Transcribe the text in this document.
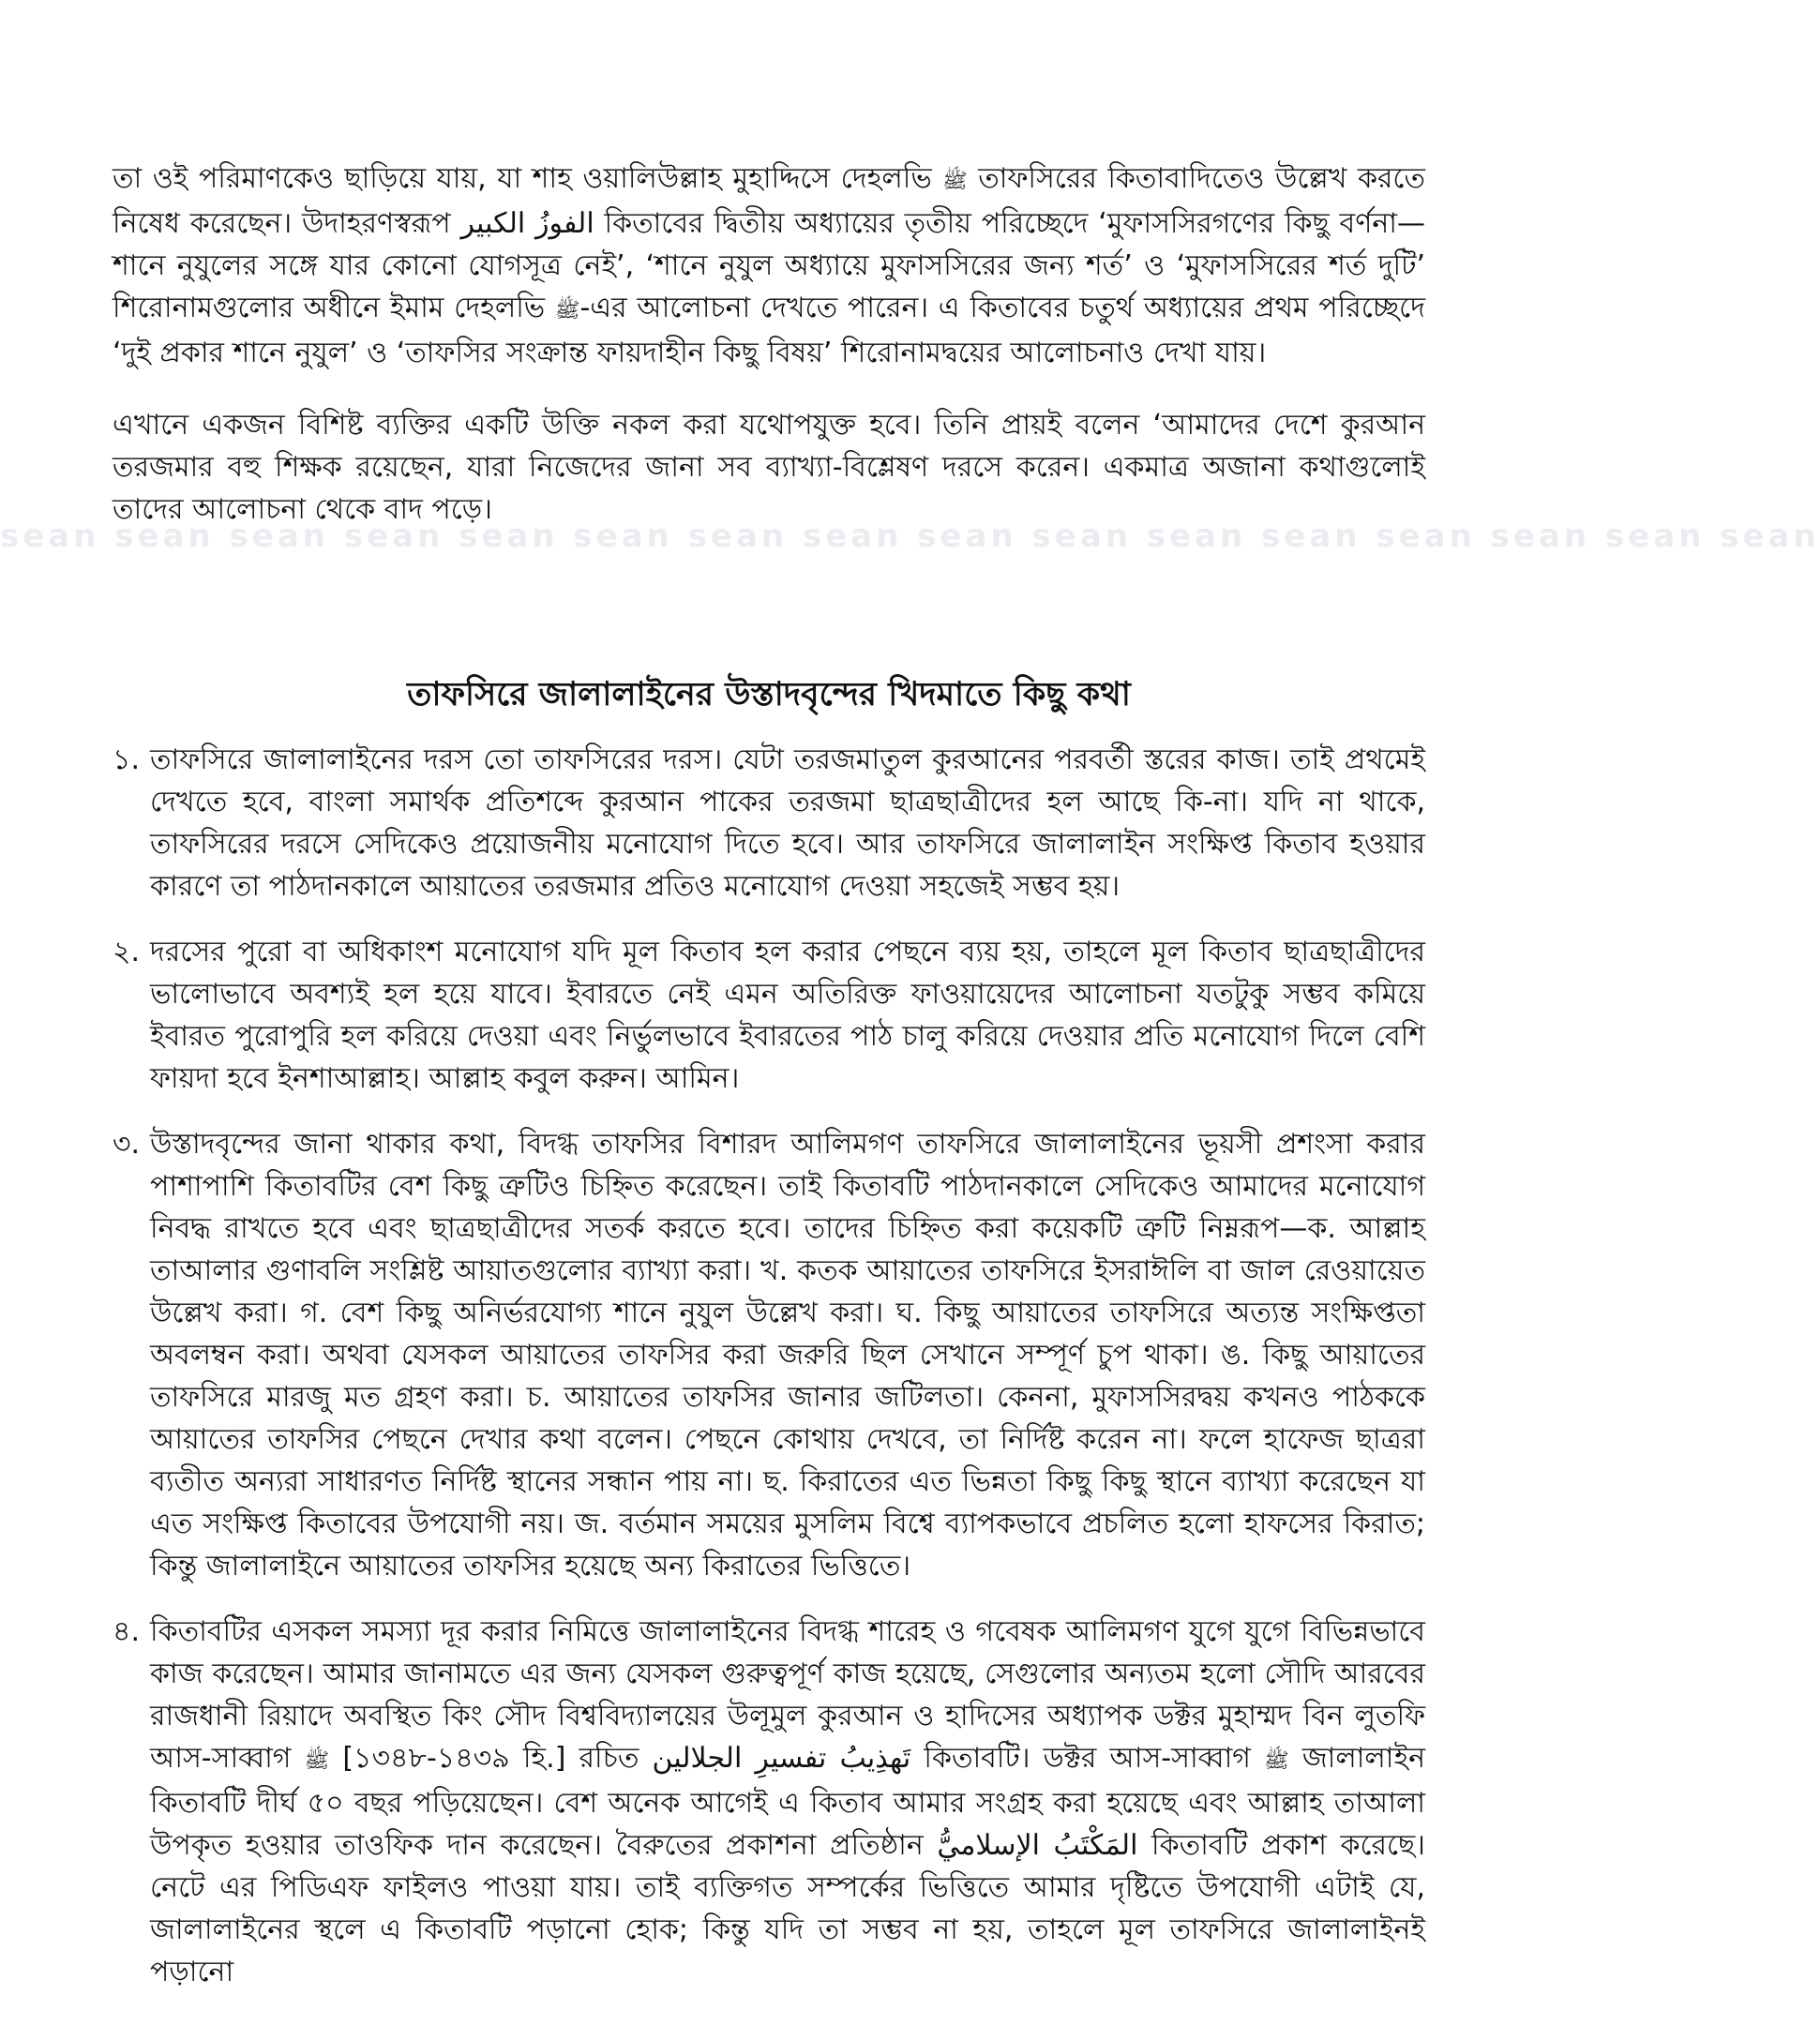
sean sean sean sean sean sean sean sean sean sean sean sean sean sean sean sean

তা ওই পরিমাণকেও ছাড়িয়ে যায়, যা শাহ ওয়ালিউল্লাহ মুহাদ্দিসে দেহলভি ﷺ তাফসিরের কিতাবাদিতেও উল্লেখ করতে নিষেধ করেছেন। উদাহরণস্বরূপ الفوزُ الكبير কিতাবের দ্বিতীয় অধ্যায়ের তৃতীয় পরিচ্ছেদে ‘মুফাসসিরগণের কিছু বর্ণনা—শানে নুযুলের সঙ্গে যার কোনো যোগসূত্র নেই’, ‘শানে নুযুল অধ্যায়ে মুফাসসিরের জন্য শর্ত’ ও ‘মুফাসসিরের শর্ত দুটি’ শিরোনামগুলোর অধীনে ইমাম দেহলভি ﷺ-এর আলোচনা দেখতে পারেন। এ কিতাবের চতুর্থ অধ্যায়ের প্রথম পরিচ্ছেদে ‘দুই প্রকার শানে নুযুল’ ও ‘তাফসির সংক্রান্ত ফায়দাহীন কিছু বিষয়’ শিরোনামদ্বয়ের আলোচনাও দেখা যায়।

এখানে একজন বিশিষ্ট ব্যক্তির একটি উক্তি নকল করা যথোপযুক্ত হবে। তিনি প্রায়ই বলেন ‘আমাদের দেশে কুরআন তরজমার বহু শিক্ষক রয়েছেন, যারা নিজেদের জানা সব ব্যাখ্যা-বিশ্লেষণ দরসে করেন। একমাত্র অজানা কথাগুলোই তাদের আলোচনা থেকে বাদ পড়ে।

তাফসিরে জালালাইনের উস্তাদবৃন্দের খিদমাতে কিছু কথা
১. তাফসিরে জালালাইনের দরস তো তাফসিরের দরস। যেটা তরজমাতুল কুরআনের পরবর্তী স্তরের কাজ। তাই প্রথমেই দেখতে হবে, বাংলা সমার্থক প্রতিশব্দে কুরআন পাকের তরজমা ছাত্রছাত্রীদের হল আছে কি-না। যদি না থাকে, তাফসিরের দরসে সেদিকেও প্রয়োজনীয় মনোযোগ দিতে হবে। আর তাফসিরে জালালাইন সংক্ষিপ্ত কিতাব হওয়ার কারণে তা পাঠদানকালে আয়াতের তরজমার প্রতিও মনোযোগ দেওয়া সহজেই সম্ভব হয়।
২. দরসের পুরো বা অধিকাংশ মনোযোগ যদি মূল কিতাব হল করার পেছনে ব্যয় হয়, তাহলে মূল কিতাব ছাত্রছাত্রীদের ভালোভাবে অবশ্যই হল হয়ে যাবে। ইবারতে নেই এমন অতিরিক্ত ফাওয়ায়েদের আলোচনা যতটুকু সম্ভব কমিয়ে ইবারত পুরোপুরি হল করিয়ে দেওয়া এবং নির্ভুলভাবে ইবারতের পাঠ চালু করিয়ে দেওয়ার প্রতি মনোযোগ দিলে বেশি ফায়দা হবে ইনশাআল্লাহ। আল্লাহ কবুল করুন। আমিন।
৩. উস্তাদবৃন্দের জানা থাকার কথা, বিদগ্ধ তাফসির বিশারদ আলিমগণ তাফসিরে জালালাইনের ভূয়সী প্রশংসা করার পাশাপাশি কিতাবটির বেশ কিছু ত্রুটিও চিহ্নিত করেছেন। তাই কিতাবটি পাঠদানকালে সেদিকেও আমাদের মনোযোগ নিবদ্ধ রাখতে হবে এবং ছাত্রছাত্রীদের সতর্ক করতে হবে। তাদের চিহ্নিত করা কয়েকটি ত্রুটি নিম্নরূপ—ক. আল্লাহ তাআলার গুণাবলি সংশ্লিষ্ট আয়াতগুলোর ব্যাখ্যা করা। খ. কতক আয়াতের তাফসিরে ইসরাঈলি বা জাল রেওয়ায়েত উল্লেখ করা। গ. বেশ কিছু অনির্ভরযোগ্য শানে নুযুল উল্লেখ করা। ঘ. কিছু আয়াতের তাফসিরে অত্যন্ত সংক্ষিপ্ততা অবলম্বন করা। অথবা যেসকল আয়াতের তাফসির করা জরুরি ছিল সেখানে সম্পূর্ণ চুপ থাকা। ঙ. কিছু আয়াতের তাফসিরে মারজু মত গ্রহণ করা। চ. আয়াতের তাফসির জানার জটিলতা। কেননা, মুফাসসিরদ্বয় কখনও পাঠককে আয়াতের তাফসির পেছনে দেখার কথা বলেন। পেছনে কোথায় দেখবে, তা নির্দিষ্ট করেন না। ফলে হাফেজ ছাত্ররা ব্যতীত অন্যরা সাধারণত নির্দিষ্ট স্থানের সন্ধান পায় না। ছ. কিরাতের এত ভিন্নতা কিছু কিছু স্থানে ব্যাখ্যা করেছেন যা এত সংক্ষিপ্ত কিতাবের উপযোগী নয়। জ. বর্তমান সময়ের মুসলিম বিশ্বে ব্যাপকভাবে প্রচলিত হলো হাফসের কিরাত; কিন্তু জালালাইনে আয়াতের তাফসির হয়েছে অন্য কিরাতের ভিত্তিতে।
৪. কিতাবটির এসকল সমস্যা দূর করার নিমিত্তে জালালাইনের বিদগ্ধ শারেহ ও গবেষক আলিমগণ যুগে যুগে বিভিন্নভাবে কাজ করেছেন। আমার জানামতে এর জন্য যেসকল গুরুত্বপূর্ণ কাজ হয়েছে, সেগুলোর অন্যতম হলো সৌদি আরবের রাজধানী রিয়াদে অবস্থিত কিং সৌদ বিশ্ববিদ্যালয়ের উলূমুল কুরআন ও হাদিসের অধ্যাপক ডক্টর মুহাম্মদ বিন লুতফি আস-সাব্বাগ ﷺ [১৩৪৮-১৪৩৯ হি.] রচিত تَهذِيبُ تفسيرِ الجلالين কিতাবটি। ডক্টর আস-সাব্বাগ ﷺ জালালাইন কিতাবটি দীর্ঘ ৫০ বছর পড়িয়েছেন। বেশ অনেক আগেই এ কিতাব আমার সংগ্রহ করা হয়েছে এবং আল্লাহ তাআলা উপকৃত হওয়ার তাওফিক দান করেছেন। বৈরুতের প্রকাশনা প্রতিষ্ঠান المَكْتَبُ الإسلاميُّ কিতাবটি প্রকাশ করেছে। নেটে এর পিডিএফ ফাইলও পাওয়া যায়। তাই ব্যক্তিগত সম্পর্কের ভিত্তিতে আমার দৃষ্টিতে উপযোগী এটাই যে, জালালাইনের স্থলে এ কিতাবটি পড়ানো হোক; কিন্তু যদি তা সম্ভব না হয়, তাহলে মূল তাফসিরে জালালাইনই পড়ানো
